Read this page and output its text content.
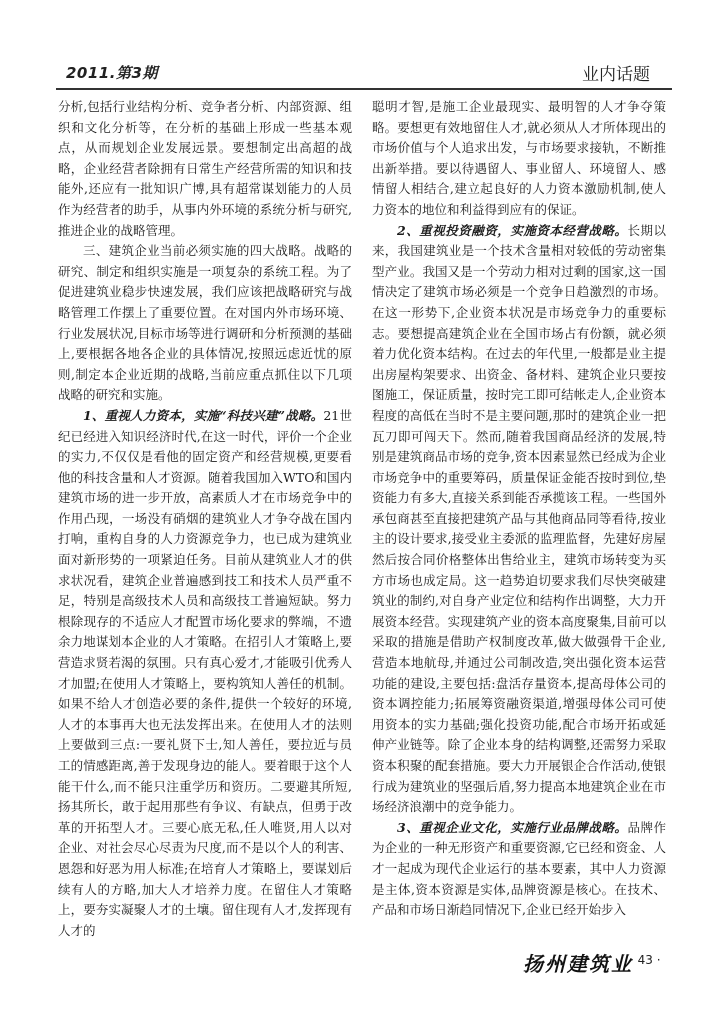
2011.第3期	业内话题

分析,包括行业结构分析、竞争者分析、内部资源、组织和文化分析等，在分析的基础上形成一些基本观点，从而规划企业发展远景。要想制定出高超的战略，企业经营者除拥有日常生产经营所需的知识和技能外,还应有一批知识广博,具有超常谋划能力的人员作为经营者的助手，从事内外环境的系统分析与研究,推进企业的战略管理。

三、建筑企业当前必须实施的四大战略。战略的研究、制定和组织实施是一项复杂的系统工程。为了促进建筑业稳步快速发展，我们应该把战略研究与战略管理工作摆上了重要位置。在对国内外市场环境、行业发展状况,目标市场等进行调研和分析预测的基础上,要根据各地各企业的具体情况,按照远虑近忧的原则,制定本企业近期的战略,当前应重点抓住以下几项战略的研究和实施。

1、重视人力资本，实施“科技兴建”战略。21世纪已经进入知识经济时代,在这一时代，评价一个企业的实力,不仅仅是看他的固定资产和经营规模,更要看他的科技含量和人才资源。随着我国加入WTO和国内建筑市场的进一步开放，高素质人才在市场竞争中的作用凸现，一场没有硝烟的建筑业人才争夺战在国内打响，重构自身的人力资源竞争力，也已成为建筑业面对新形势的一项紧迫任务。目前从建筑业人才的供求状况看，建筑企业普遍感到技工和技术人员严重不足，特别是高级技术人员和高级技工普遍短缺。努力根除现存的不适应人才配置市场化要求的弊端，不遗余力地谋划本企业的人才策略。在招引人才策略上,要营造求贤若渴的氛围。只有真心爱才,才能吸引优秀人才加盟;在使用人才策略上，要构筑知人善任的机制。如果不给人才创造必要的条件,提供一个较好的环境,人才的本事再大也无法发挥出来。在使用人才的法则上要做到三点:一要礼贤下士,知人善任，要拉近与员工的情感距离,善于发现身边的能人。要着眼于这个人能干什么,而不能只注重学历和资历。二要避其所短,扬其所长，敢于起用那些有争议、有缺点，但勇于改革的开拓型人才。三要心底无私,任人唯贤,用人以对企业、对社会尽心尽责为尺度,而不是以个人的利害、恩怨和好恶为用人标准;在培育人才策略上，要谋划后续有人的方略,加大人才培养力度。在留住人才策略上，要夯实凝聚人才的土壤。留住现有人才,发挥现有人才的

聪明才智,是施工企业最现实、最明智的人才争夺策略。要想更有效地留住人才,就必须从人才所体现出的市场价值与个人追求出发，与市场要求接轨，不断推出新举措。要以待遇留人、事业留人、环境留人、感情留人相结合,建立起良好的人力资本激励机制,使人力资本的地位和利益得到应有的保证。

2、重视投资融资，实施资本经营战略。长期以来，我国建筑业是一个技术含量相对较低的劳动密集型产业。我国又是一个劳动力相对过剩的国家,这一国情决定了建筑市场必须是一个竞争日趋激烈的市场。在这一形势下,企业资本状况是市场竞争力的重要标志。要想提高建筑企业在全国市场占有份额，就必须着力优化资本结构。在过去的年代里,一般都是业主提出房屋构架要求、出资金、备材料、建筑企业只要按图施工，保证质量，按时完工即可结帐走人,企业资本程度的高低在当时不是主要问题,那时的建筑企业一把瓦刀即可闯天下。然而,随着我国商品经济的发展,特别是建筑商品市场的竞争,资本因素显然已经成为企业市场竞争中的重要筹码，质量保证金能否按时到位,垫资能力有多大,直接关系到能否承揽该工程。一些国外承包商甚至直接把建筑产品与其他商品同等看待,按业主的设计要求,接受业主委派的监理监督，先建好房屋然后按合同价格整体出售给业主，建筑市场转变为买方市场也成定局。这一趋势迫切要求我们尽快突破建筑业的制约,对自身产业定位和结构作出调整，大力开展资本经营。实现建筑产业的资本高度聚集,目前可以采取的措施是借助产权制度改革,做大做强骨干企业,营造本地航母,并通过公司制改造,突出强化资本运营功能的建设,主要包括:盘活存量资本,提高母体公司的资本调控能力;拓展筹资融资渠道,增强母体公司可使用资本的实力基础;强化投资功能,配合市场开拓或延伸产业链等。除了企业本身的结构调整,还需努力采取资本积聚的配套措施。要大力开展银企合作活动,使银行成为建筑业的坚强后盾,努力提高本地建筑企业在市场经济浪潮中的竞争能力。

3、重视企业文化，实施行业品牌战略。品牌作为企业的一种无形资产和重要资源,它已经和资金、人才一起成为现代企业运行的基本要素，其中人力资源是主体,资本资源是实体,品牌资源是核心。在技术、产品和市场日渐趋同情况下,企业已经开始步入

扬州建筑业
· 43 ·
